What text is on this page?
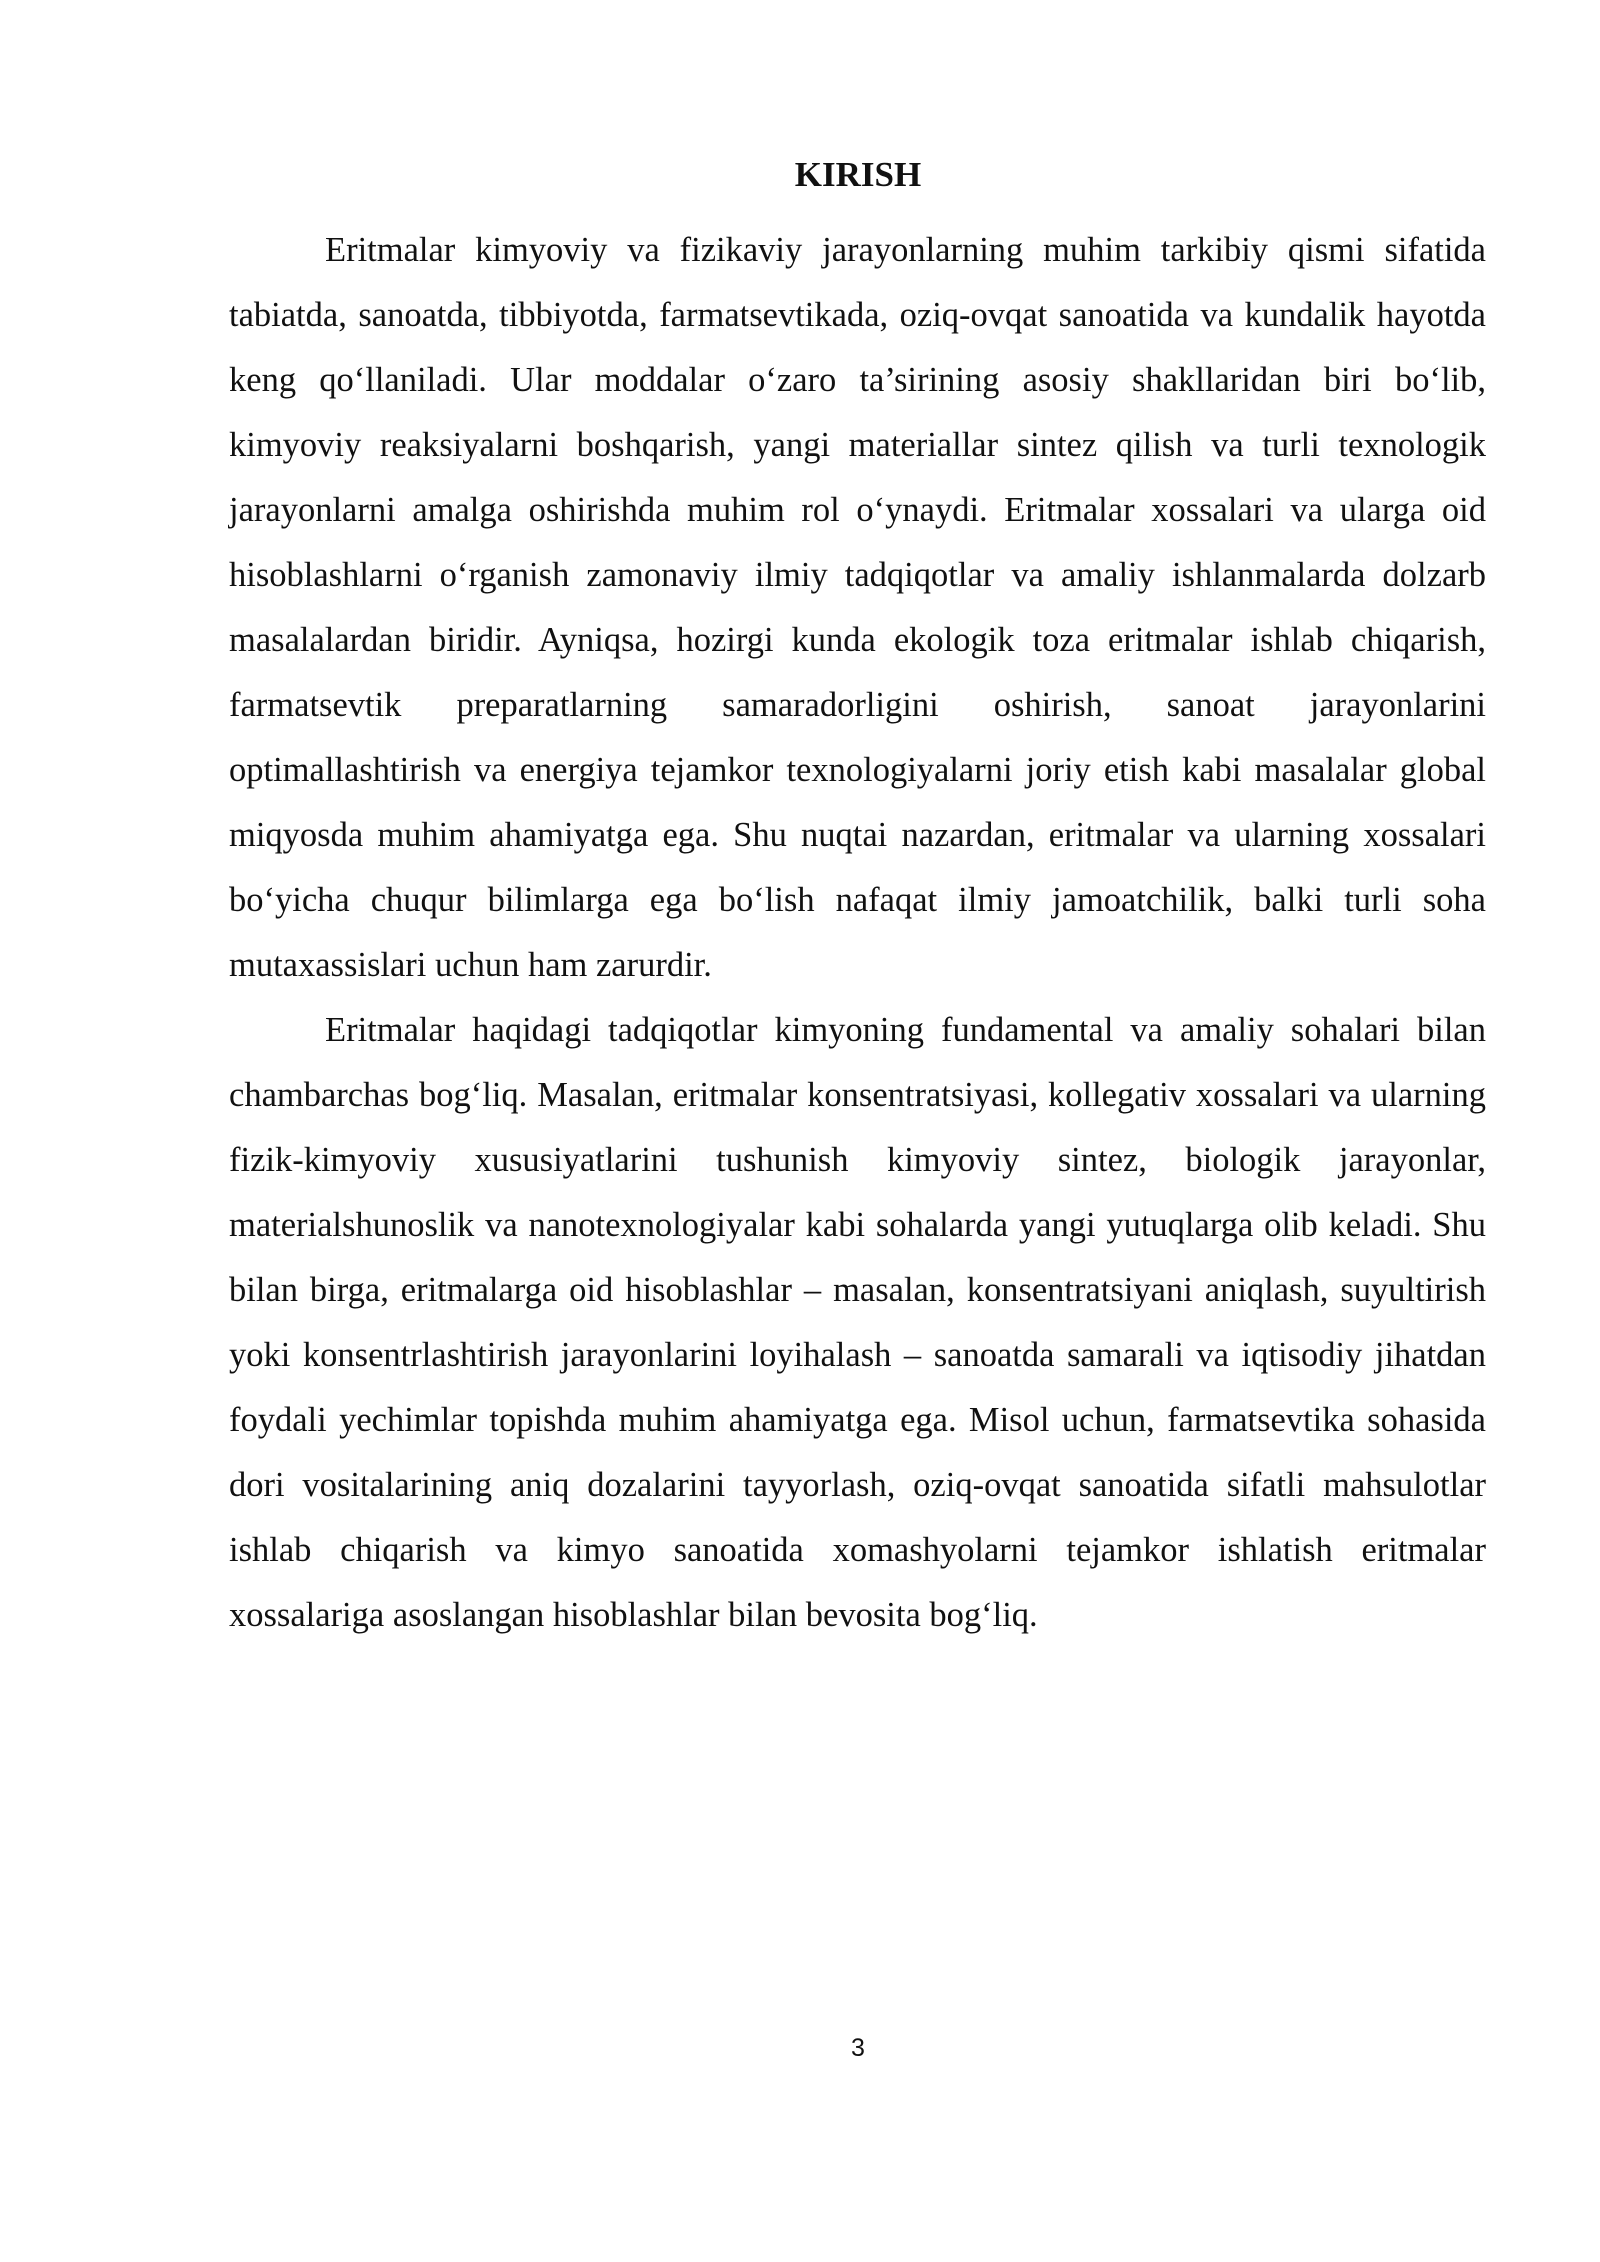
KIRISH

Eritmalar kimyoviy va fizikaviy jarayonlarning muhim tarkibiy qismi sifatida tabiatda, sanoatda, tibbiyotda, farmatsevtikada, oziq-ovqat sanoatida va kundalik hayotda keng qo‘llaniladi. Ular moddalar o‘zaro ta’sirining asosiy shakllaridan biri bo‘lib, kimyoviy reaksiyalarni boshqarish, yangi materiallar sintez qilish va turli texnologik jarayonlarni amalga oshirishda muhim rol o‘ynaydi. Eritmalar xossalari va ularga oid hisoblashlarni o‘rganish zamonaviy ilmiy tadqiqotlar va amaliy ishlanmalarda dolzarb masalalardan biridir. Ayniqsa, hozirgi kunda ekologik toza eritmalar ishlab chiqarish, farmatsevtik preparatlarning samaradorligini oshirish, sanoat jarayonlarini optimallashtirish va energiya tejamkor texnologiyalarni joriy etish kabi masalalar global miqyosda muhim ahamiyatga ega. Shu nuqtai nazardan, eritmalar va ularning xossalari bo‘yicha chuqur bilimlarga ega bo‘lish nafaqat ilmiy jamoatchilik, balki turli soha mutaxassislari uchun ham zarurdir.

Eritmalar haqidagi tadqiqotlar kimyoning fundamental va amaliy sohalari bilan chambarchas bog‘liq. Masalan, eritmalar konsentratsiyasi, kollegativ xossalari va ularning fizik-kimyoviy xususiyatlarini tushunish kimyoviy sintez, biologik jarayonlar, materialshunoslik va nanotexnologiyalar kabi sohalarda yangi yutuqlarga olib keladi. Shu bilan birga, eritmalarga oid hisoblashlar – masalan, konsentratsiyani aniqlash, suyultirish yoki konsentrlashtirish jarayonlarini loyihalash – sanoatda samarali va iqtisodiy jihatdan foydali yechimlar topishda muhim ahamiyatga ega. Misol uchun, farmatsevtika sohasida dori vositalarining aniq dozalarini tayyorlash, oziq-ovqat sanoatida sifatli mahsulotlar ishlab chiqarish va kimyo sanoatida xomashyolarni tejamkor ishlatish eritmalar xossalariga asoslangan hisoblashlar bilan bevosita bog‘liq.

3
